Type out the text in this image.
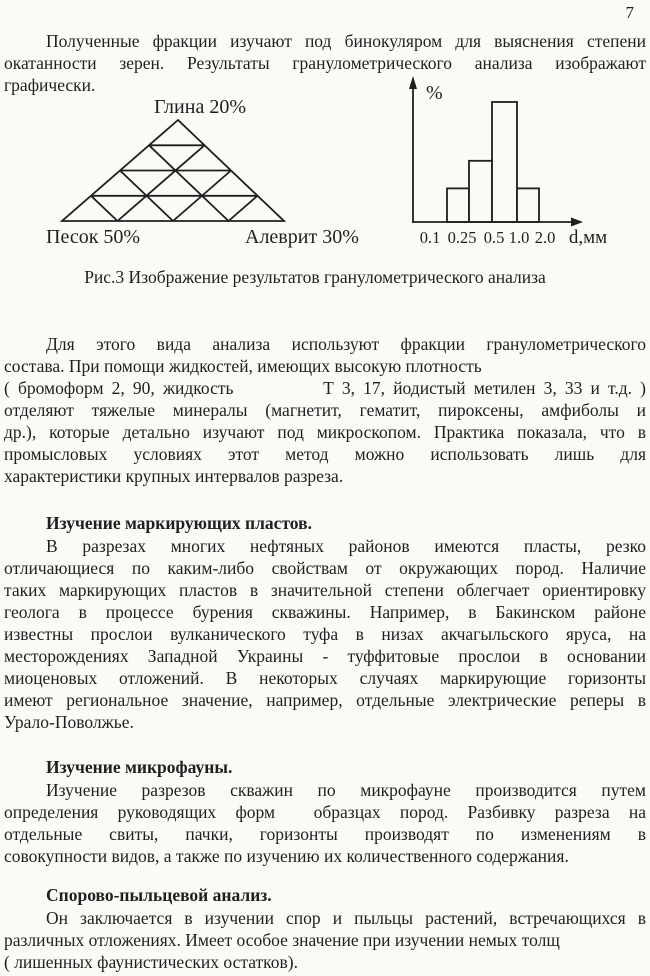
7
Полученные фракции изучают под бинокуляром для выяснения степени
окатанности зерен. Результаты гранулометрического анализа изображают
графически.
Глина 20%
Песок 50%	Алеврит 30%
%
0.1 0.25 0.5 1.0 2.0 d,мм
Рис.3 Изображение результатов гранулометрического анализа
Для этого вида анализа используют фракции гранулометрического
состава. При помощи жидкостей, имеющих высокую плотность
( бромоформ 2, 90, жидкость           Т 3, 17, йодистый метилен 3, 33 и т.д. )
отделяют тяжелые минералы (магнетит, гематит, пироксены, амфиболы и
др.), которые детально изучают под микроскопом. Практика показала, что в
промысловых условиях этот метод можно использовать лишь для
характеристики крупных интервалов разреза.
Изучение маркирующих пластов.
В разрезах многих нефтяных районов имеются пласты, резко
отличающиеся по каким-либо свойствам от окружающих пород. Наличие
таких маркирующих пластов в значительной степени облегчает ориентировку
геолога в процессе бурения скважины. Например, в Бакинском районе
известны прослои вулканического туфа в низах акчагыльского яруса, на
месторождениях Западной Украины - туффитовые прослои в основании
миоценовых отложений. В некоторых случаях маркирующие горизонты
имеют региональное значение, например, отдельные электрические реперы в
Урало-Поволжье.
Изучение микрофауны.
Изучение разрезов скважин по микрофауне производится путем
определения руководящих форм  образцах пород. Разбивку разреза на
отдельные свиты, пачки, горизонты производят по изменениям в
совокупности видов, а также по изучению их количественного содержания.
Спорово-пыльцевой анализ.
Он заключается в изучении спор и пыльцы растений, встречающихся в
различных отложениях. Имеет особое значение при изучении немых толщ
( лишенных фаунистических остатков).
